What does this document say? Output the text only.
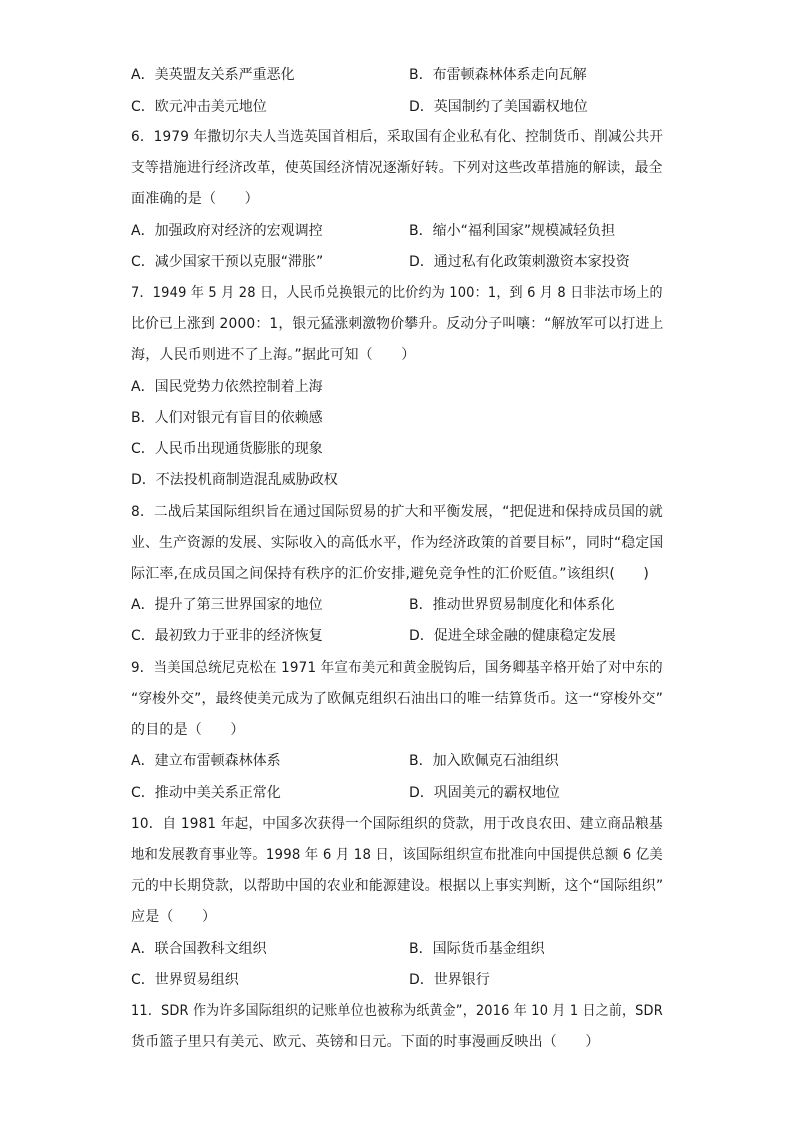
A．美英盟友关系严重恶化	B．布雷顿森林体系走向瓦解
C．欧元冲击美元地位	D．英国制约了美国霸权地位
6．1979 年撒切尔夫人当选英国首相后，采取国有企业私有化、控制货币、削减公共开
支等措施进行经济改革，使英国经济情况逐渐好转。下列对这些改革措施的解读，最全
面准确的是（　　）
A．加强政府对经济的宏观调控	B．缩小“福利国家”规模减轻负担
C．减少国家干预以克服“滞胀”	D．通过私有化政策刺激资本家投资
7．1949 年 5 月 28 日，人民币兑换银元的比价约为 100：1，到 6 月 8 日非法市场上的
比价已上涨到 2000：1，银元猛涨刺激物价攀升。反动分子叫嚷：“解放军可以打进上
海，人民币则进不了上海。”据此可知（　　）
A．国民党势力依然控制着上海
B．人们对银元有盲目的依赖感
C．人民币出现通货膨胀的现象
D．不法投机商制造混乱威胁政权
8．二战后某国际组织旨在通过国际贸易的扩大和平衡发展，“把促进和保持成员国的就
业、生产资源的发展、实际收入的高低水平，作为经济政策的首要目标”，同时“稳定国
际汇率,在成员国之间保持有秩序的汇价安排,避免竞争性的汇价贬值。”该组织(　　)
A．提升了第三世界国家的地位	B．推动世界贸易制度化和体系化
C．最初致力于亚非的经济恢复	D．促进全球金融的健康稳定发展
9．当美国总统尼克松在 1971 年宣布美元和黄金脱钩后，国务卿基辛格开始了对中东的
“穿梭外交”，最终使美元成为了欧佩克组织石油出口的唯一结算货币。这一“穿梭外交”
的目的是（　　）
A．建立布雷顿森林体系	B．加入欧佩克石油组织
C．推动中美关系正常化	D．巩固美元的霸权地位
10．自 1981 年起，中国多次获得一个国际组织的贷款，用于改良农田、建立商品粮基
地和发展教育事业等。1998 年 6 月 18 日，该国际组织宣布批准向中国提供总额 6 亿美
元的中长期贷款，以帮助中国的农业和能源建设。根据以上事实判断，这个“国际组织”
应是（　　）
A．联合国教科文组织	B．国际货币基金组织
C．世界贸易组织	D．世界银行
11．SDR 作为许多国际组织的记账单位也被称为纸黄金”，2016 年 10 月 1 日之前，SDR
货币篮子里只有美元、欧元、英镑和日元。下面的时事漫画反映出（　　）
